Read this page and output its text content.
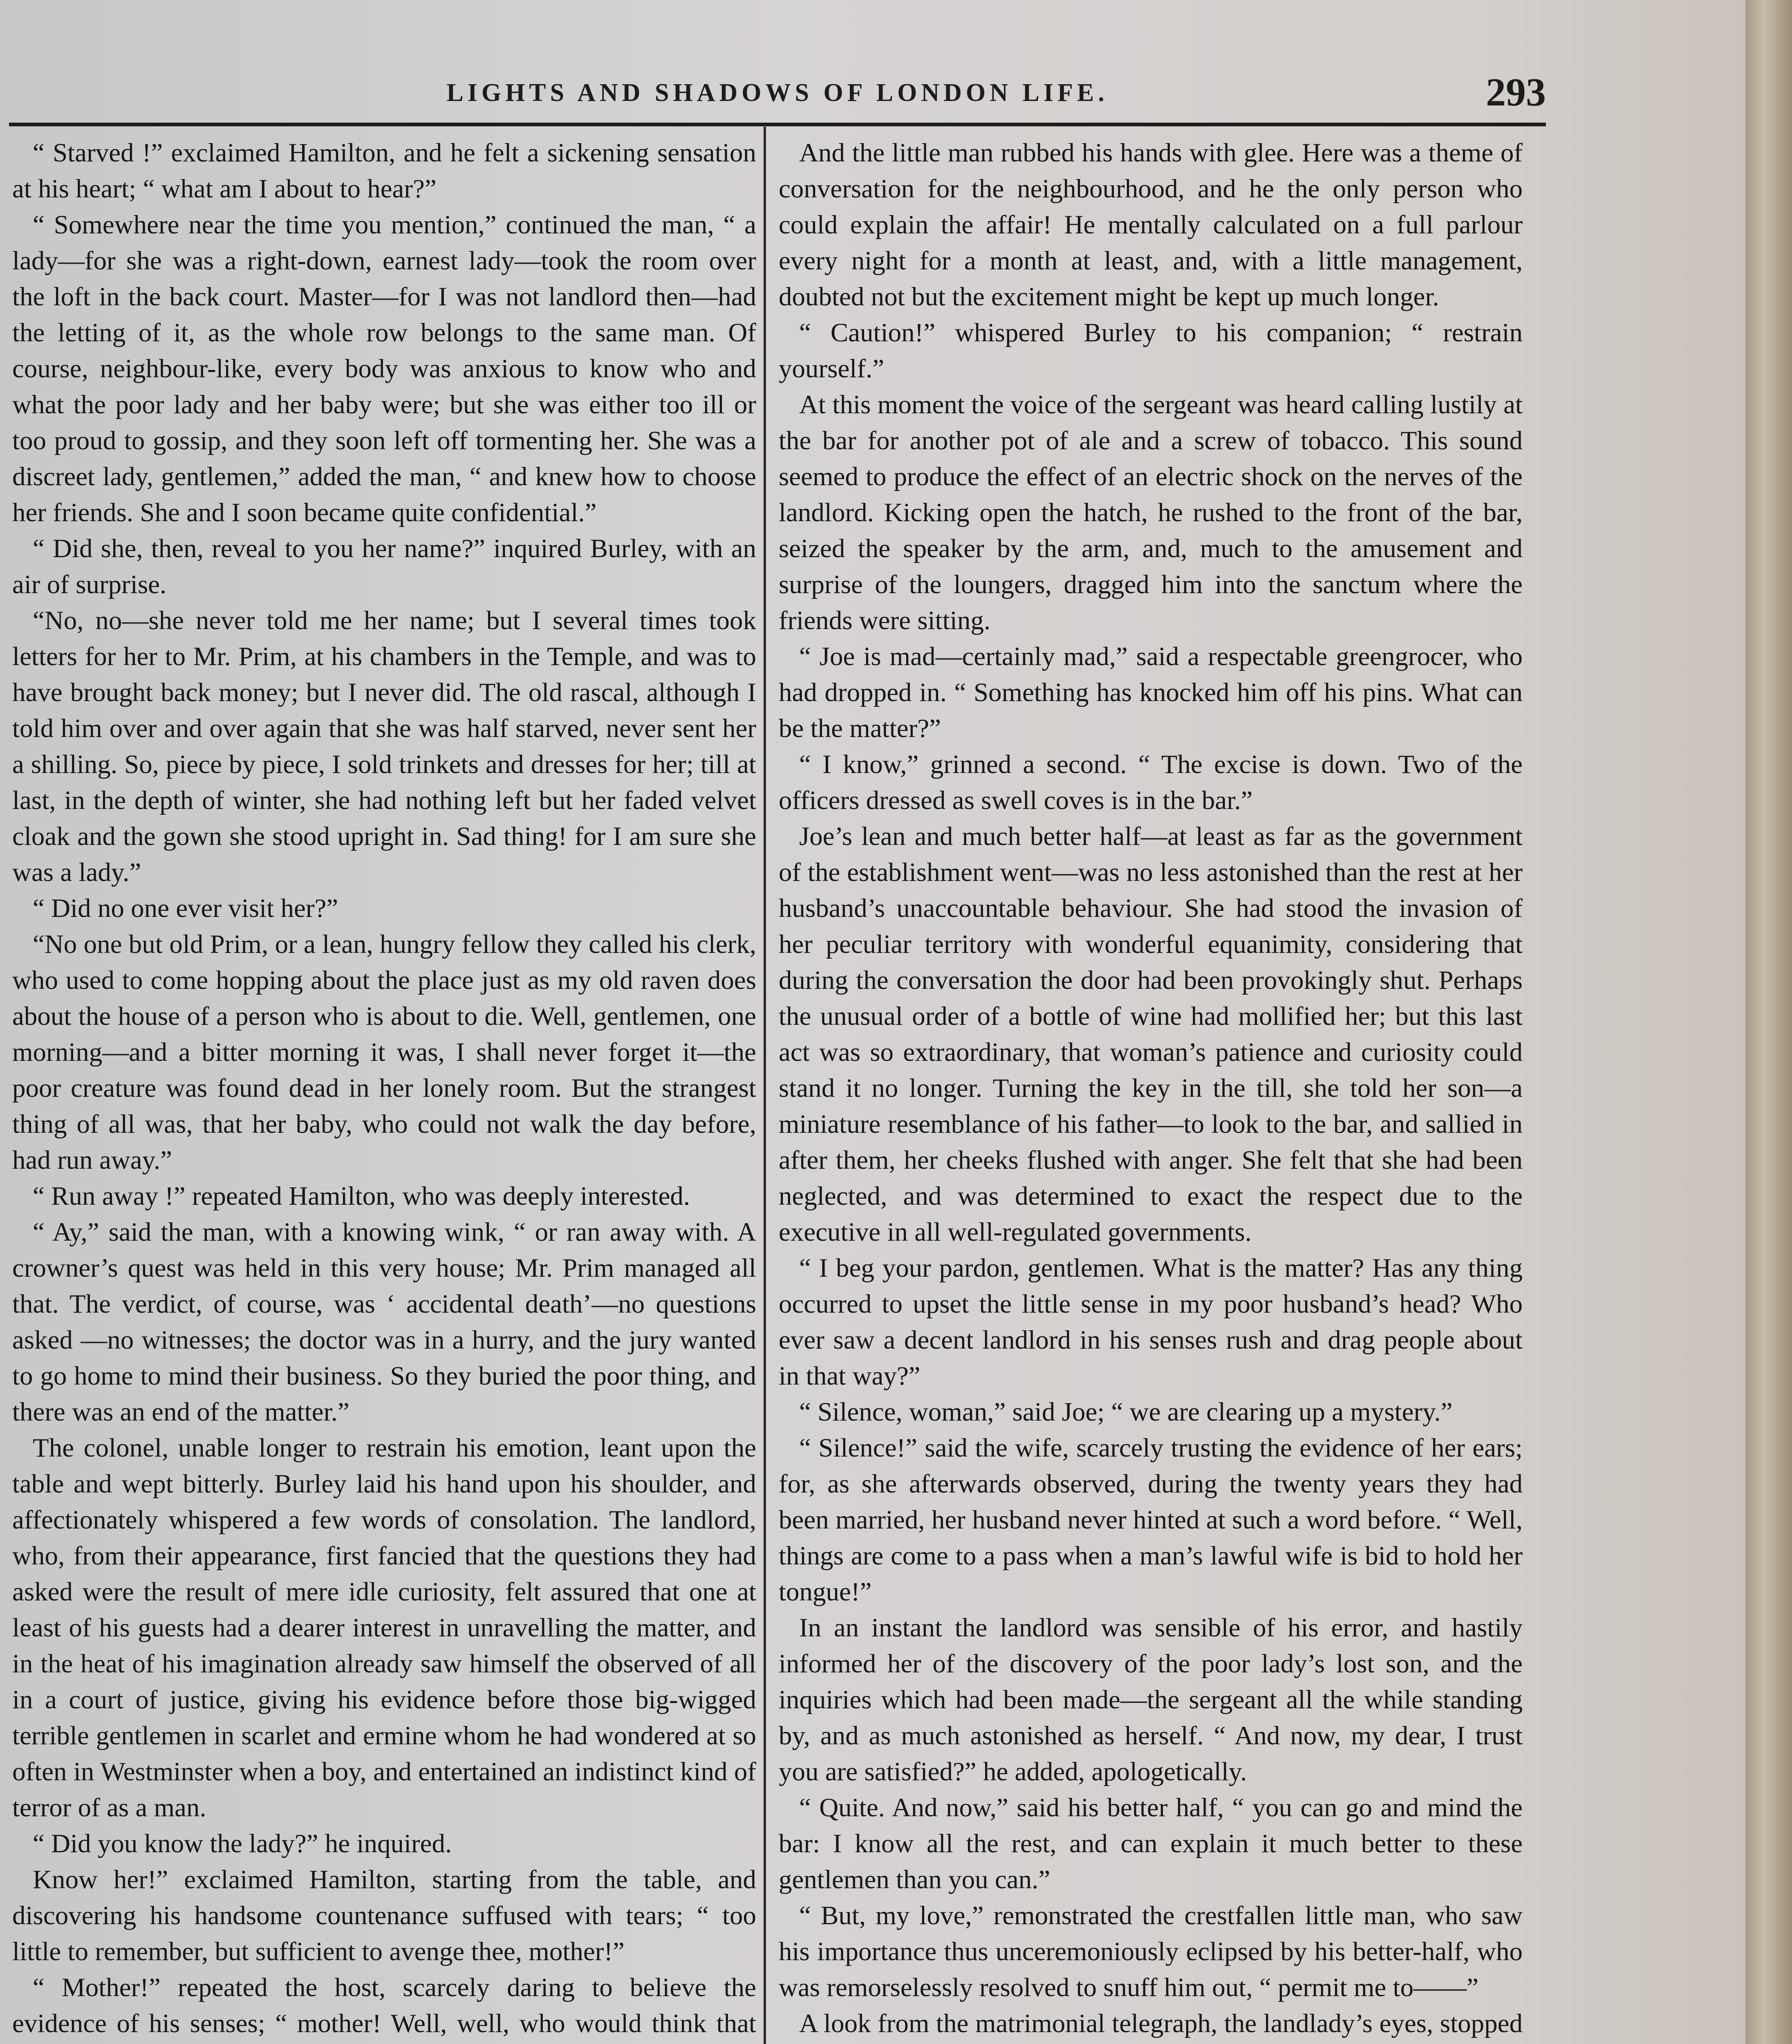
LIGHTS AND SHADOWS OF LONDON LIFE.	293

“ Starved !” exclaimed Hamilton, and he felt a sickening sensation at his heart; “ what am I about to hear?”

“ Somewhere near the time you mention,” continued the man, “ a lady—for she was a right-down, earnest lady—took the room over the loft in the back court. Master—for I was not landlord then—had the letting of it, as the whole row belongs to the same man. Of course, neighbour-like, every body was anxious to know who and what the poor lady and her baby were; but she was either too ill or too proud to gossip, and they soon left off tormenting her. She was a discreet lady, gentlemen,” added the man, “ and knew how to choose her friends. She and I soon became quite confidential.”

“ Did she, then, reveal to you her name?” inquired Burley, with an air of surprise.

“No, no—she never told me her name; but I several times took letters for her to Mr. Prim, at his chambers in the Temple, and was to have brought back money; but I never did. The old rascal, although I told him over and over again that she was half starved, never sent her a shilling. So, piece by piece, I sold trinkets and dresses for her; till at last, in the depth of winter, she had nothing left but her faded velvet cloak and the gown she stood upright in. Sad thing! for I am sure she was a lady.”

“ Did no one ever visit her?”

“No one but old Prim, or a lean, hungry fellow they called his clerk, who used to come hopping about the place just as my old raven does about the house of a person who is about to die. Well, gentlemen, one morning—and a bitter morning it was, I shall never forget it—the poor creature was found dead in her lonely room. But the strangest thing of all was, that her baby, who could not walk the day before, had run away.”

“ Run away !” repeated Hamilton, who was deeply interested.

“ Ay,” said the man, with a knowing wink, “ or ran away with. A crowner’s quest was held in this very house; Mr. Prim managed all that. The verdict, of course, was ‘ accidental death’—no questions asked —no witnesses; the doctor was in a hurry, and the jury wanted to go home to mind their business. So they buried the poor thing, and there was an end of the matter.”

The colonel, unable longer to restrain his emotion, leant upon the table and wept bitterly. Burley laid his hand upon his shoulder, and affectionately whispered a few words of consolation. The landlord, who, from their appearance, first fancied that the questions they had asked were the result of mere idle curiosity, felt assured that one at least of his guests had a dearer interest in unravelling the matter, and in the heat of his imagination already saw himself the observed of all in a court of justice, giving his evidence before those big-wigged terrible gentlemen in scarlet and ermine whom he had wondered at so often in Westminster when a boy, and entertained an indistinct kind of terror of as a man.

“ Did you know the lady?” he inquired.

Know her!” exclaimed Hamilton, starting from the table, and discovering his handsome countenance suffused with tears; “ too little to remember, but sufficient to avenge thee, mother!”

“ Mother!” repeated the host, scarcely daring to believe the evidence of his senses; “ mother! Well, well, who would think that

And the little man rubbed his hands with glee. Here was a theme of conversation for the neighbourhood, and he the only person who could explain the affair! He mentally calculated on a full parlour every night for a month at least, and, with a little management, doubted not but the excitement might be kept up much longer.

“ Caution!” whispered Burley to his companion; “ restrain yourself.”

At this moment the voice of the sergeant was heard calling lustily at the bar for another pot of ale and a screw of tobacco. This sound seemed to produce the effect of an electric shock on the nerves of the landlord. Kicking open the hatch, he rushed to the front of the bar, seized the speaker by the arm, and, much to the amusement and surprise of the loungers, dragged him into the sanctum where the friends were sitting.

“ Joe is mad—certainly mad,” said a respectable greengrocer, who had dropped in. “ Something has knocked him off his pins. What can be the matter?”

“ I know,” grinned a second. “ The excise is down. Two of the officers dressed as swell coves is in the bar.”

Joe’s lean and much better half—at least as far as the government of the establishment went—was no less astonished than the rest at her husband’s unaccountable behaviour. She had stood the invasion of her peculiar territory with wonderful equanimity, considering that during the conversation the door had been provokingly shut. Perhaps the unusual order of a bottle of wine had mollified her; but this last act was so extraordinary, that woman’s patience and curiosity could stand it no longer. Turning the key in the till, she told her son—a miniature resemblance of his father—to look to the bar, and sallied in after them, her cheeks flushed with anger. She felt that she had been neglected, and was determined to exact the respect due to the executive in all well-regulated governments.

“ I beg your pardon, gentlemen. What is the matter? Has any thing occurred to upset the little sense in my poor husband’s head? Who ever saw a decent landlord in his senses rush and drag people about in that way?”

“ Silence, woman,” said Joe; “ we are clearing up a mystery.”

“ Silence!” said the wife, scarcely trusting the evidence of her ears; for, as she afterwards observed, during the twenty years they had been married, her husband never hinted at such a word before. “ Well, things are come to a pass when a man’s lawful wife is bid to hold her tongue!”

In an instant the landlord was sensible of his error, and hastily informed her of the discovery of the poor lady’s lost son, and the inquiries which had been made—the sergeant all the while standing by, and as much astonished as herself. “ And now, my dear, I trust you are satisfied?” he added, apologetically.

“ Quite. And now,” said his better half, “ you can go and mind the bar: I know all the rest, and can explain it much better to these gentlemen than you can.”

“ But, my love,” remonstrated the crestfallen little man, who saw his importance thus unceremoniously eclipsed by his better-half, who was remorselessly resolved to snuff him out, “ permit me to——”

A look from the matrimonial telegraph, the landlady’s eyes, stopped
